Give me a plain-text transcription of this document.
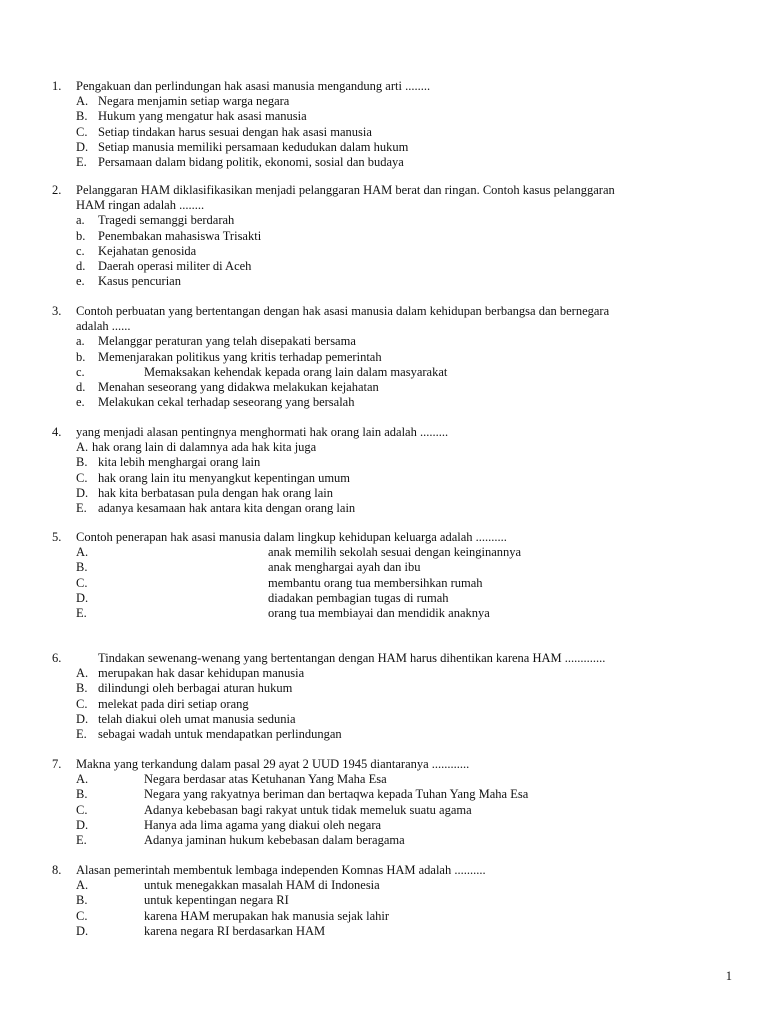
1.	Pengakuan dan perlindungan hak asasi manusia mengandung arti ........
A. Negara menjamin setiap warga negara
B. Hukum yang mengatur hak asasi manusia
C. Setiap tindakan harus sesuai dengan hak asasi manusia
D. Setiap manusia memiliki persamaan kedudukan dalam hukum
E. Persamaan dalam bidang politik, ekonomi, sosial dan budaya
2.	Pelanggaran HAM diklasifikasikan menjadi pelanggaran HAM berat dan ringan. Contoh kasus pelanggaran
HAM ringan adalah ........
a.	Tragedi semanggi berdarah
b.	Penembakan mahasiswa Trisakti
c.	Kejahatan genosida
d.	Daerah operasi militer di Aceh
e.	Kasus pencurian
3.	Contoh perbuatan yang bertentangan dengan hak asasi manusia dalam kehidupan berbangsa dan bernegara
adalah ......
a.	Melanggar peraturan yang telah disepakati bersama
b.	Memenjarakan politikus yang kritis terhadap pemerintah
c.	Memaksakan kehendak kepada orang lain dalam masyarakat
d.	Menahan seseorang yang didakwa melakukan kejahatan
e.	Melakukan cekal terhadap seseorang yang bersalah
4.	yang menjadi alasan pentingnya menghormati hak orang lain adalah .........
A. hak orang lain di dalamnya ada hak kita juga
B. kita lebih menghargai orang lain
C. hak orang lain itu menyangkut kepentingan umum
D. hak kita berbatasan pula dengan hak orang lain
E. adanya kesamaan hak antara kita dengan orang lain
5.	Contoh penerapan hak asasi manusia dalam lingkup kehidupan keluarga adalah ..........
A.	anak memilih sekolah sesuai dengan keinginannya
B.	anak menghargai ayah dan ibu
C.	membantu orang tua membersihkan rumah
D.	diadakan pembagian tugas di rumah
E.	orang tua membiayai dan mendidik anaknya
6.	Tindakan sewenang-wenang yang bertentangan dengan HAM harus dihentikan karena HAM .............
A. merupakan hak dasar kehidupan manusia
B. dilindungi oleh berbagai aturan hukum
C. melekat pada diri setiap orang
D. telah diakui oleh umat manusia sedunia
E. sebagai wadah untuk mendapatkan perlindungan
7.	Makna yang terkandung dalam pasal 29 ayat 2 UUD 1945 diantaranya ............
A.	Negara berdasar atas Ketuhanan Yang Maha Esa
B.	Negara yang rakyatnya beriman dan bertaqwa kepada Tuhan Yang Maha Esa
C.	Adanya kebebasan bagi rakyat untuk tidak memeluk suatu agama
D.	Hanya ada lima agama yang diakui oleh negara
E.	Adanya jaminan hukum kebebasan dalam beragama
8.	Alasan pemerintah membentuk lembaga independen Komnas HAM adalah ..........
A.	untuk menegakkan masalah HAM di Indonesia
B.	untuk kepentingan negara RI
C.	karena HAM merupakan hak manusia sejak lahir
D.	karena negara RI berdasarkan HAM
1
